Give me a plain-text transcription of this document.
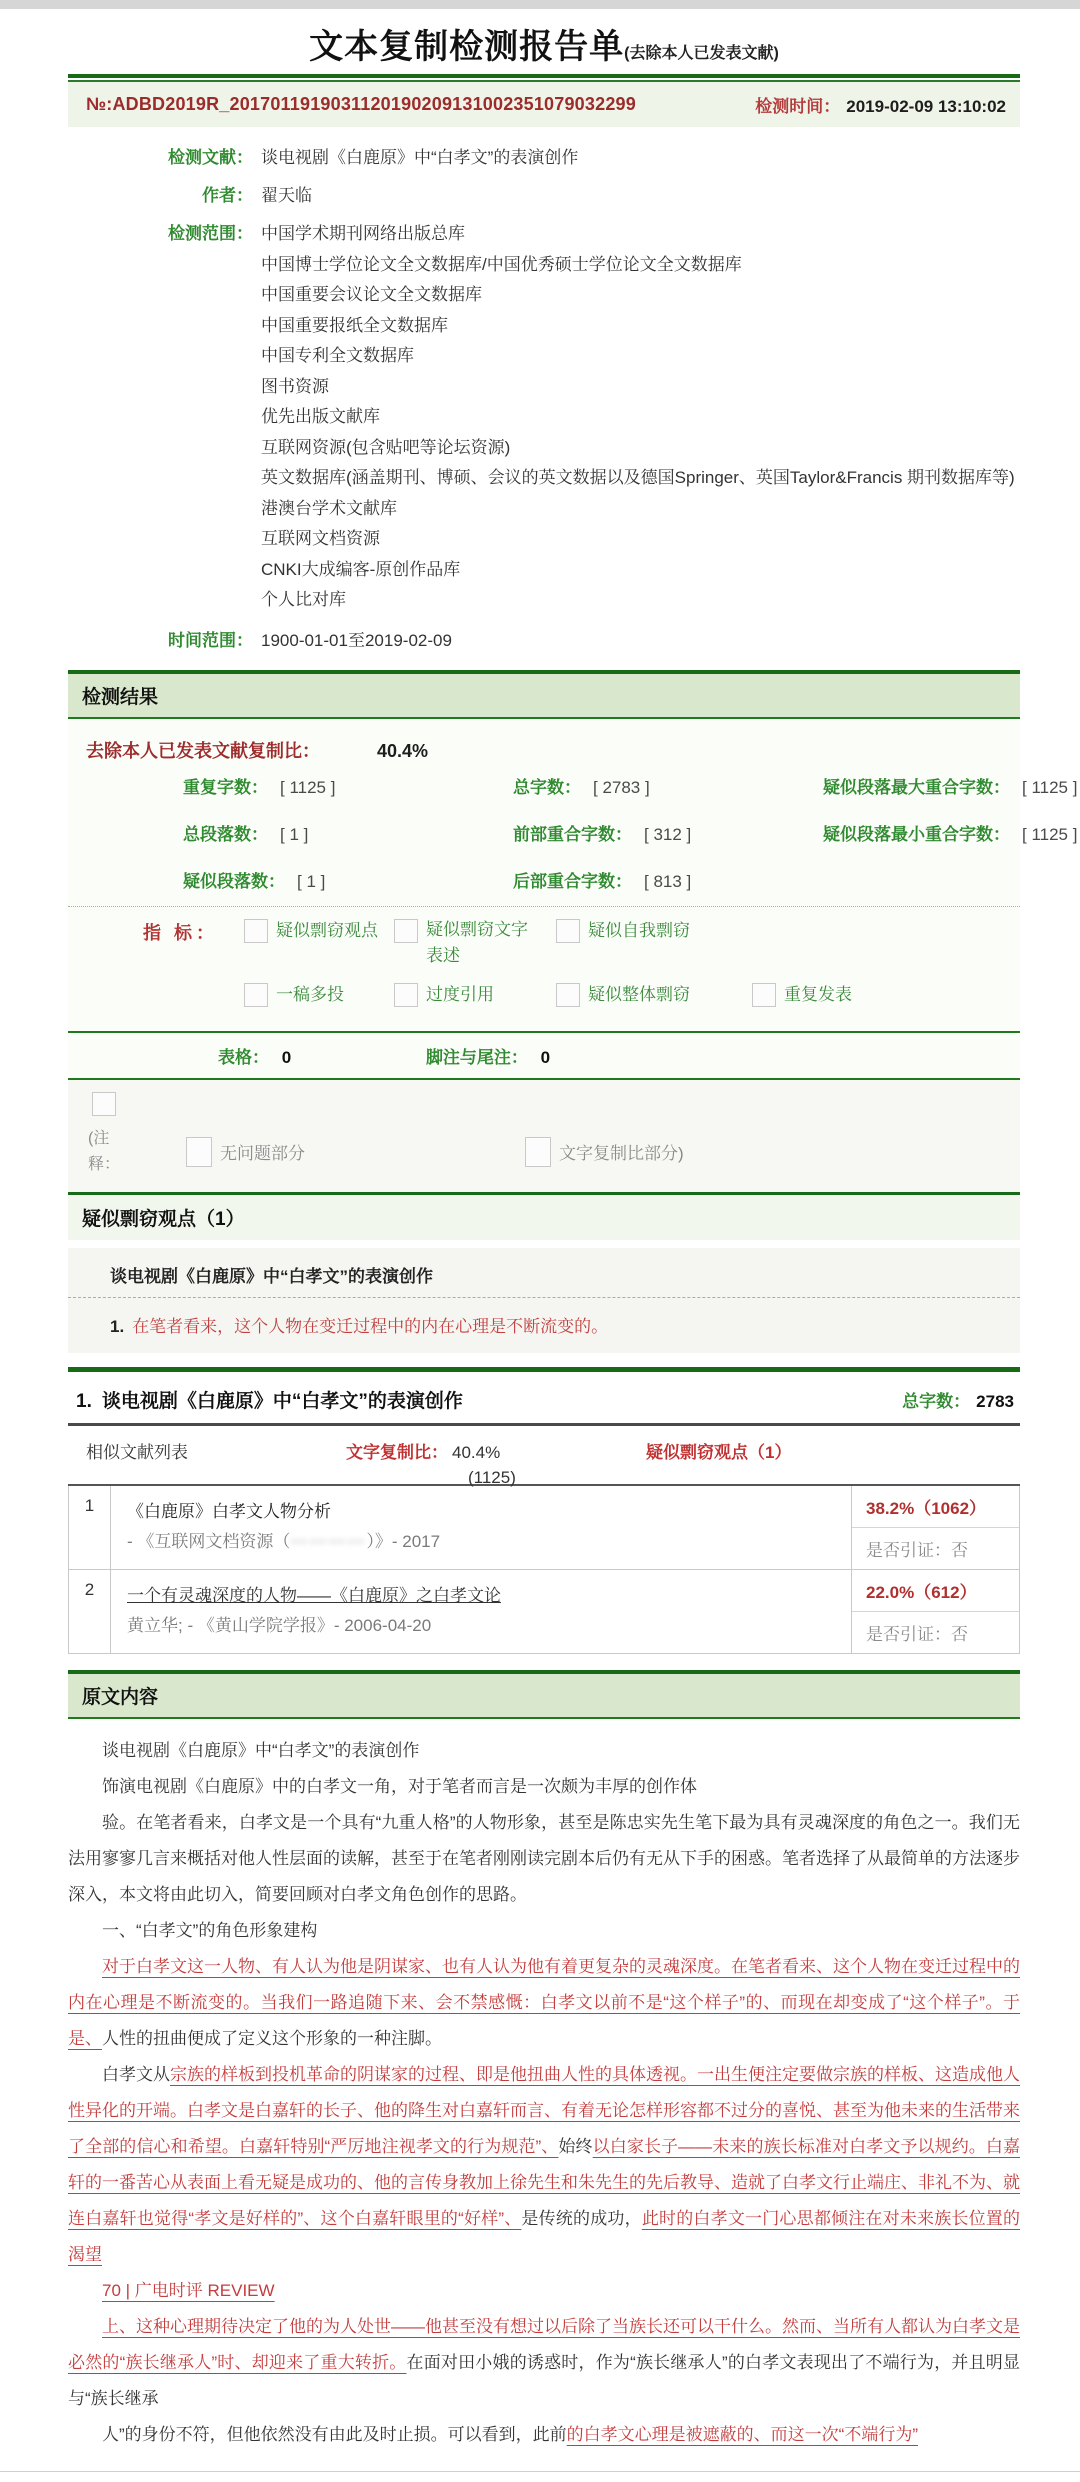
文本复制检测报告单(去除本人已发表文献)
№:ADBD2019R_2017011919031120190209131002351079032299	检测时间： 2019-02-09 13:10:02
检测文献： 谈电视剧《白鹿原》中“白孝文”的表演创作
作者： 翟天临
检测范围： 中国学术期刊网络出版总库
中国博士学位论文全文数据库/中国优秀硕士学位论文全文数据库
中国重要会议论文全文数据库
中国重要报纸全文数据库
中国专利全文数据库
图书资源
优先出版文献库
互联网资源(包含贴吧等论坛资源)
英文数据库(涵盖期刊、博硕、会议的英文数据以及德国Springer、英国Taylor&Francis 期刊数据库等)
港澳台学术文献库
互联网文档资源
CNKI大成编客-原创作品库
个人比对库
时间范围： 1900-01-01至2019-02-09
检测结果
去除本人已发表文献复制比：	40.4%
重复字数： [ 1125 ]	总字数： [ 2783 ]	疑似段落最大重合字数： [ 1125 ]
总段落数： [ 1 ]	前部重合字数： [ 312 ]	疑似段落最小重合字数： [ 1125 ]
疑似段落数： [ 1 ]	后部重合字数： [ 813 ]
指 标：	疑似剽窃观点	疑似剽窃文字表述
疑似自我剽窃
一稿多投	过度引用	疑似整体剽窃	重复发表
表格： 0	脚注与尾注： 0
(注
释：
无问题部分	文字复制比部分)
疑似剽窃观点（1）
谈电视剧《白鹿原》中“白孝文”的表演创作
1. 在笔者看来，这个人物在变迁过程中的内在心理是不断流变的。
1. 谈电视剧《白鹿原》中“白孝文”的表演创作	总字数： 2783
相似文献列表	文字复制比： 40.4%
(1125)
疑似剽窃观点（1）
1	《白鹿原》白孝文人物分析
- 《互联网文档资源（⋯⋯⋯⋯）》- 2017

38.2%（1062）
是否引证：否

2	一个有灵魂深度的人物——《白鹿原》之白孝文论
黄立华; - 《黄山学院学报》- 2006-04-20

22.0%（612）
是否引证：否
原文内容

谈电视剧《白鹿原》中“白孝文”的表演创作

饰演电视剧《白鹿原》中的白孝文一角，对于笔者而言是一次颇为丰厚的创作体

验。在笔者看来，白孝文是一个具有“九重人格”的人物形象，甚至是陈忠实先生笔下最为具有灵魂深度的角色之一。我们无法用寥寥几言来概括对他人性层面的读解，甚至于在笔者刚刚读完剧本后仍有无从下手的困惑。笔者选择了从最简单的方法逐步深入，本文将由此切入，简要回顾对白孝文角色创作的思路。

一、“白孝文”的角色形象建构

对于白孝文这一人物、有人认为他是阴谋家、也有人认为他有着更复杂的灵魂深度。在笔者看来、这个人物在变迁过程中的内在心理是不断流变的。当我们一路追随下来、会不禁感慨：白孝文以前不是“这个样子”的、而现在却变成了“这个样子”。于是、人性的扭曲便成了定义这个形象的一种注脚。

白孝文从宗族的样板到投机革命的阴谋家的过程、即是他扭曲人性的具体透视。一出生便注定要做宗族的样板、这造成他人性异化的开端。白孝文是白嘉轩的长子、他的降生对白嘉轩而言、有着无论怎样形容都不过分的喜悦、甚至为他未来的生活带来了全部的信心和希望。白嘉轩特别“严厉地注视孝文的行为规范”、始终以白家长子——未来的族长标准对白孝文予以规约。白嘉轩的一番苦心从表面上看无疑是成功的、他的言传身教加上徐先生和朱先生的先后教导、造就了白孝文行止端庄、非礼不为、就连白嘉轩也觉得“孝文是好样的”、这个白嘉轩眼里的“好样”、是传统的成功，此时的白孝文一门心思都倾注在对未来族长位置的渴望

70 | 广电时评 REVIEW

上、这种心理期待决定了他的为人处世——他甚至没有想过以后除了当族长还可以干什么。然而、当所有人都认为白孝文是必然的“族长继承人”时、却迎来了重大转折。在面对田小娥的诱惑时，作为“族长继承人”的白孝文表现出了不端行为，并且明显与“族长继承

人”的身份不符，但他依然没有由此及时止损。可以看到，此前的白孝文心理是被遮蔽的、而这一次“不端行为”
